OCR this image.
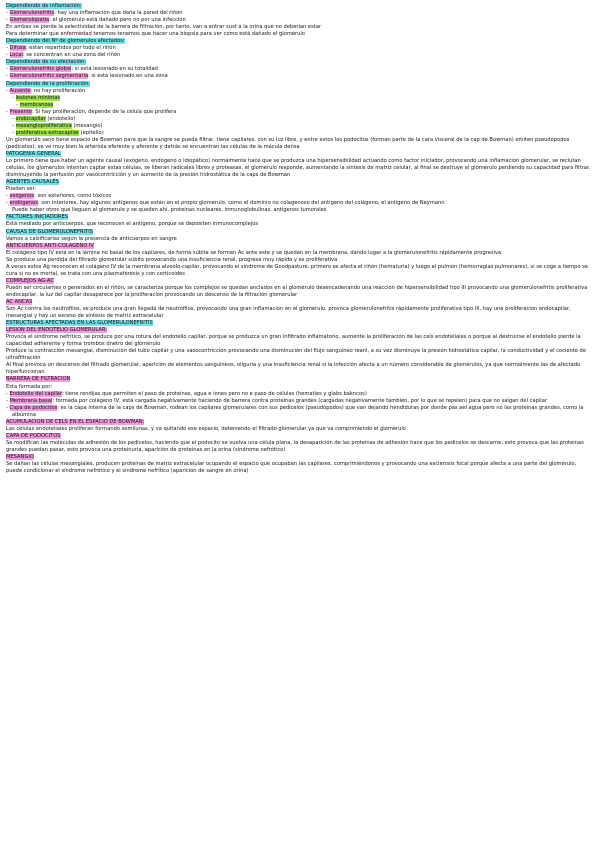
Dependiendo de inflamación:
- Glomerulonefritis: hay una inflamación que daña la pared del riñón
- Glomerulopatía: el glomérulo está dañado pero no por una infección
En ambas se pierde la selectividad de la barrera de filtración, por tanto, van a entrar sust a la orina que no deberían estar
Para determinar que enfermedad tenemos tenemos que hacer una biopsia para ver como está dañado el glomérulo
Dependiendo del Nº de glomérulos afectados:
- Difusa: están repartidos por todo el riñón
- Local: se concentran en una zona del riñón
Dependiendo de su afectación:
- Glomerulonefritis global: si está lesionado en su totalidad
- Glomerulonefritis segmentaria: si está lesionado en una zona
Dependiendo de la proliferación:
- Ausente: no hay proliferación
- lesiones mínimas
- membranosa
- Presente: Si hay proliferación, depende de la célula que prolifera
- endocapilar (endotelio)
- mesangioproliferativa (mesangio)
- proliferativa extracapilar (epitelio)
Un glomérulo sano tiene espacio de Bowman para que la sangre se pueda filtrar, tiene capilares, con su luz libre, y entre estos los podocitos (forman parte de la cara visceral de la cap de Bowman) emiten pseudópodos (pedicelos), se ve muy bien la arteriola eferente y aferente y detrás se encuentran las células de la mácula densa
PATOGENIA GENERAL
Lo primero tiene que haber un agente causal (exógeno, endógeno o idiopático) normalmente hace que se produzca una hipersensibilidad actuando como factor iniciador, provocando una inflamación glomerular, se reclutan células, los glomerulos intentan captar estas células, se liberan radicales libres y proteasas, el glomérulo responde, aumentando la síntesis de matriz celular, al final se destruye el glomérulo perdiendo su capacidad para filtrar, disminuyendo la perfusión por vasocontricción y un aumento de la presión hidrostática de la caps de Bowman
AGENTES CAUSALES
Pueden ser:
- exógenos: son exteriores, como tóxicos
- endógenos: son interiores, hay algunos antígenos que están en el propio glomérulo, como el dominio no colagenoso del antígeno del colágeno, el antígeno de Neymann
Puede haber otros que lleguen al glomerulo y se queden ahí, proteínas nucleares, inmunoglobulinas, antígenos tumorales
FACTORES INICIADORES
Está mediado por anticuerpos, que reconocen el antígeno, porque se depositen inmunocomplejos
CAUSAS DE GLOMERULONEFRITIS
Vamos a calsificarlas según la presencia de anticuerpos en sangre
ANTICUERPOS ANTI-COLAGENO IV
El colágeno tipo IV está en la lámina no basal de los capilares, de forma súbita se forman Ac ante este y se quedan en la membrana, dando lugar a la glomerulonefritis rápidamente progresiva
Se produce una perdida del filtrado glomerular súbito provocando una insuficiencia renal, progresa muy rápido y es proliferativa
A veces estos Ag reconocen el colágeno IV de la membrana alveolo-capilar, provocando el síndrome de Goodpasture, primero se afecta el riñón (hematuria) y luego el pulmón (hemorragias pulmonares), si se coge a tiempo se cura si no es mortal, se trata con una plasmaféresis y con corticoides
COMPLEJOS AG-AC
Puedn ser circulantes o generados en el riñón, se caracteriza porque los complejos se quedan anclados en el glomérulo desencadenando una reacción de hipersensibilidad tipo III provocando una glomerulonefritis proliferativa endocapilar, la luz del capilar desaparece por la proliferación provocando un descenso de la filtración glomerular
AC ANCAS
Son Ac contra los neutrófilos, se produce una gran llegada de neutrófilos, provocando una gran inflamación en el glomérulo, provoca glomerulonefritis rápidamente proliferativa tipo III, hay una proliferación endocapilar, mesangial y hay un exceso de síntesis de matriz extracelular
ESTRUCTURAS AFECTADAS EN LAS GLOMERULONEFRITIS
LESIÓN DEL ENDOTELIO GLOMERULAR:
Provoca el síndrome nefrítico, se produce por una rotura del endotelio capilar, porque se produzca un gran infiltrado inflamatorio, aumente la proliferación de las cels endoteliales o porque al destruirse el endotelio pierde la capacidad adherente y forma trombos dnetro del glomérulo
Produce la contracción mesangial, disminución del tubo capilar y una vasocontricción provocando una disminución del flujo sanguíneo reanl, a su vez disminuye la presión hidrostática capilar, la conductividad y el cociente de ultrafiltración
Al final provoca un descenso del filtrado glomerular, aparición de elementos sanguíneos, oliguria y una insuficiencia renal si la infección afecta a un número considerable de glomérulos, ya que normalmente las de afectado hiperfuncionan
BARRERA DE FILTRACIÓN
Esta formada por:
- Endotelio del capilar: tiene rendijas que permiten el paso de proteínas, agua e iones pero no e paso de células (hematíes y glabs bakncos)
- Membrana basal: formada por colágeno IV, está cargada negativamente haciendo de barrera contra proteínas grandes (cargadas negativamente también, por lo que se repelen) para que no salgan del capilar
- Capa de podocitos: es la capa interna de la caps de Bowman, rodean los capilares glomerulares con sus pedicelos (pseudópodos) que van dejando hendiduras por donde pas ael agua pero no las proteínas grandes, como la albúmina
ACUMULACIÓN DE CELS EN EL ESPACIO DE BOWMAN:
Las células endoteliales proliferan formando semilunas, y va quitando ese espacio, deteniendo el filtrado glomerular ya que va comprimiendo el glomérulo
CAPA DE PODOCITOS
Se modifican las moléculas de adhesión de los pedicelos, haciendo que el podocito se vuelva una célula plana, la desaparición de las proteínas de adhesión hace que los pedicelos se descarne, esto provoca que las proteínas grandes puedan pasar, esto provoca una proteinuria, aparición de proteínas en la orina (síndrome nefrótico)
MESANGIO
Se dañan las células mesangiales, producen proteínas de matriz extracelular ocupando el espacio que ocupaban las capilares, comprimiéndonos y provocando una esclerosis focal porque afecta a una parte del glomérulo, puede condicionar el síndrome nefrótico y el síndrome nefrítico (aparición de sangre en orina)
